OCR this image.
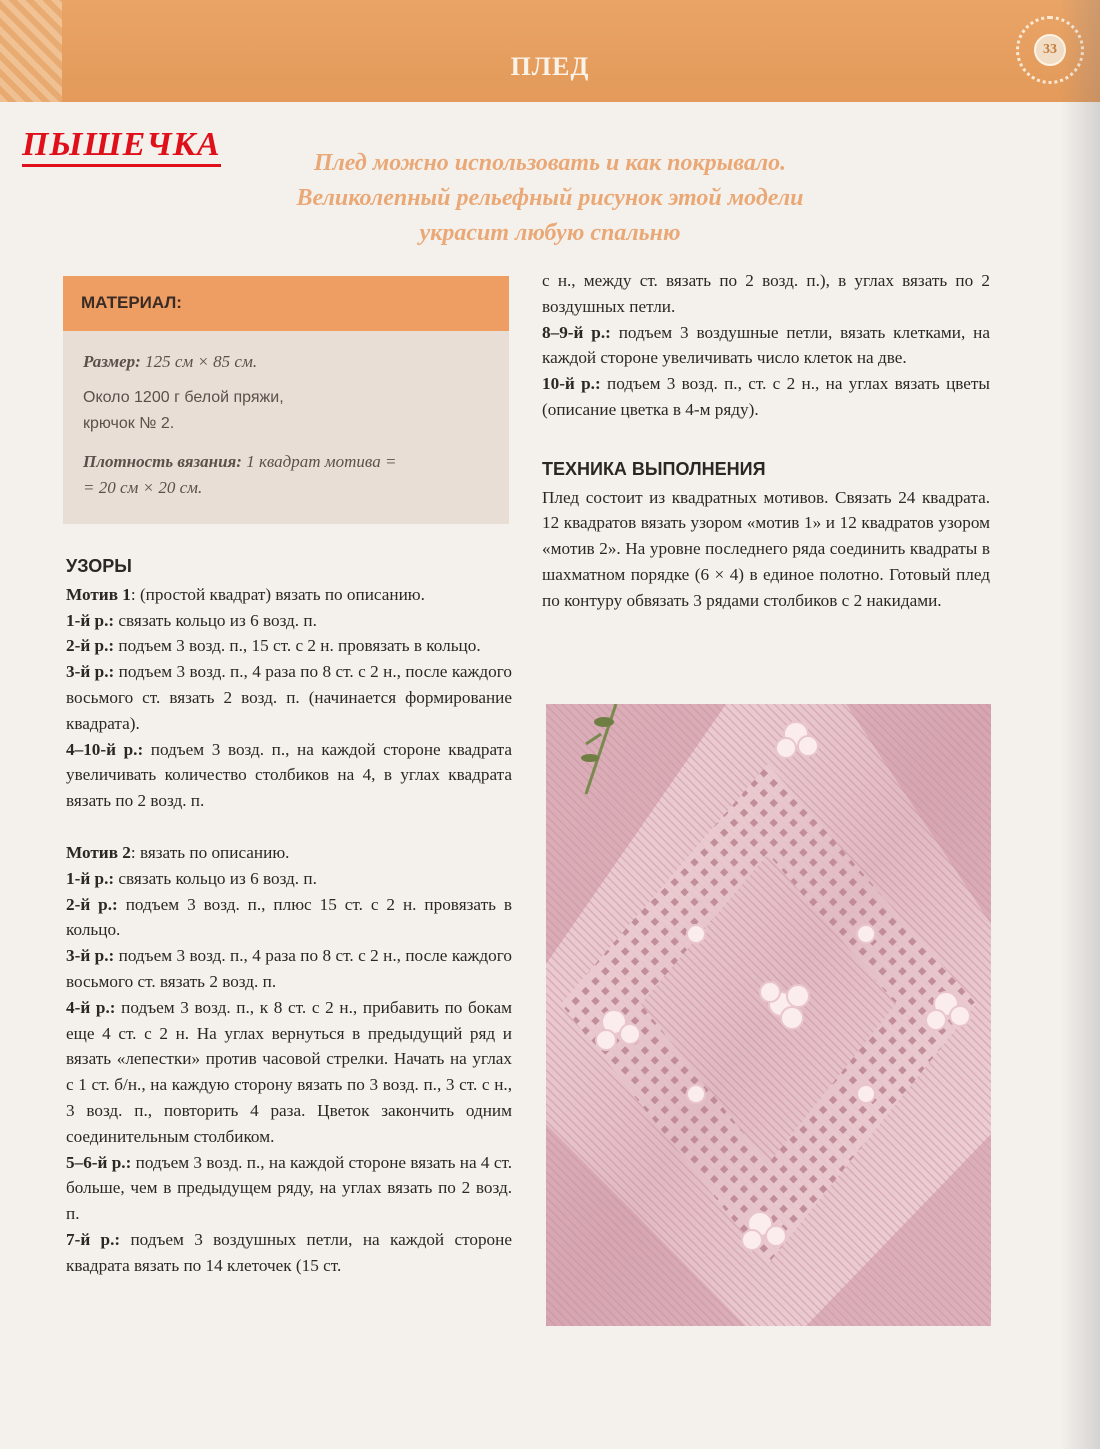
ПЛЕД
33
ПЫШЕЧКА	Плед можно использовать и как покрывало.
Великолепный рельефный рисунок этой модели
украсит любую спальню
МАТЕРИАЛ:
Размер: 125 см × 85 см.
Около 1200 г белой пряжи,
крючок № 2.
Плотность вязания: 1 квадрат мотива =
= 20 см × 20 см.
УЗОРЫ

Мотив 1: (простой квадрат) вязать по описанию.

1-й р.: связать кольцо из 6 возд. п.

2-й р.: подъем 3 возд. п., 15 ст. с 2 н. провязать в кольцо.

3-й р.: подъем 3 возд. п., 4 раза по 8 ст. с 2 н., после каждого восьмого ст. вязать 2 возд. п. (начинается формирование квадрата).

4–10-й р.: подъем 3 возд. п., на каждой стороне квадрата увеличивать количество столбиков на 4, в углах квадрата вязать по 2 возд. п.

Мотив 2: вязать по описанию.

1-й р.: связать кольцо из 6 возд. п.

2-й р.: подъем 3 возд. п., плюс 15 ст. с 2 н. провязать в кольцо.

3-й р.: подъем 3 возд. п., 4 раза по 8 ст. с 2 н., после каждого восьмого ст. вязать 2 возд. п.

4-й р.: подъем 3 возд. п., к 8 ст. с 2 н., прибавить по бокам еще 4 ст. с 2 н. На углах вернуться в предыдущий ряд и вязать «лепестки» против часовой стрелки. Начать на углах с 1 ст. б/н., на каждую сторону вязать по 3 возд. п., 3 ст. с н., 3 возд. п., повторить 4 раза. Цветок закончить одним соединительным столбиком.

5–6-й р.: подъем 3 возд. п., на каждой стороне вязать на 4 ст. больше, чем в предыдущем ряду, на углах вязать по 2 возд. п.

7-й р.: подъем 3 воздушных петли, на каждой стороне квадрата вязать по 14 клеточек (15 ст.

с н., между ст. вязать по 2 возд. п.), в углах вязать по 2 воздушных петли.

8–9-й р.: подъем 3 воздушные петли, вязать клетками, на каждой стороне увеличивать число клеток на две.

10-й р.: подъем 3 возд. п., ст. с 2 н., на углах вязать цветы (описание цветка в 4-м ряду).

ТЕХНИКА ВЫПОЛНЕНИЯ

Плед состоит из квадратных мотивов. Связать 24 квадрата. 12 квадратов вязать узором «мотив 1» и 12 квадратов узором «мотив 2». На уровне последнего ряда соединить квадраты в шахматном порядке (6 × 4) в единое полотно. Готовый плед по контуру обвязать 3 рядами столбиков с 2 накидами.
